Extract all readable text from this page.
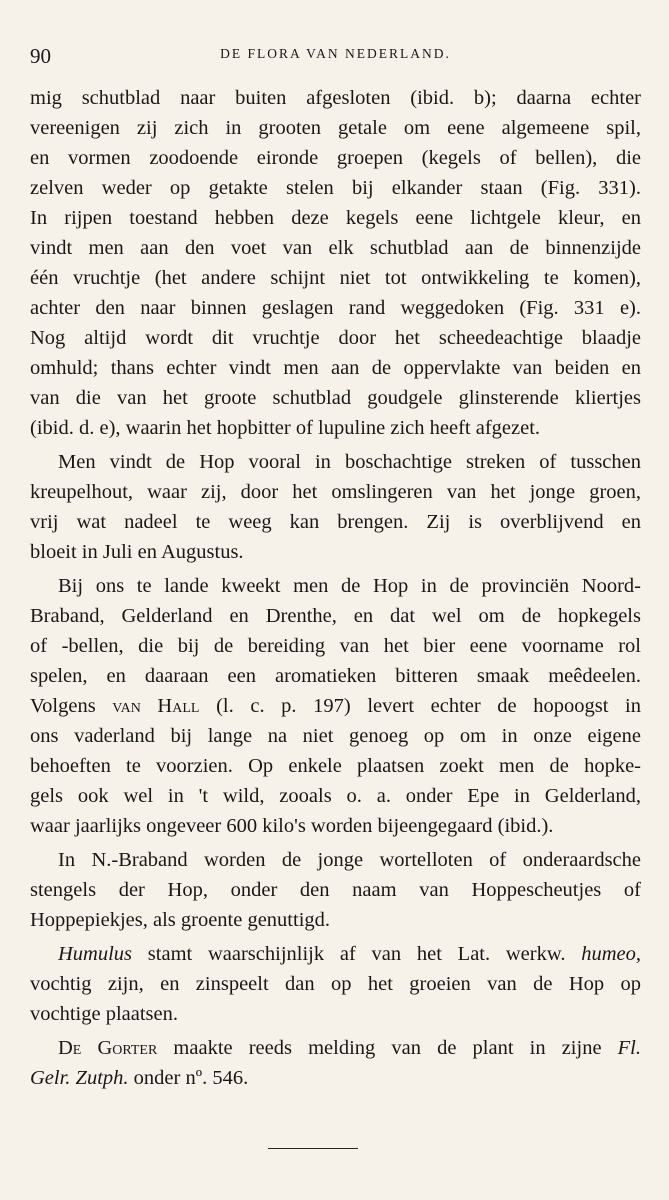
90	DE FLORA VAN NEDERLAND.
mig schutblad naar buiten afgesloten (ibid. b); daarna echter
vereenigen zij zich in grooten getale om eene algemeene spil,
en vormen zoodoende eironde groepen (kegels of bellen), die
zelven weder op getakte stelen bij elkander staan (Fig. 331).
In rijpen toestand hebben deze kegels eene lichtgele kleur, en
vindt men aan den voet van elk schutblad aan de binnenzijde
één vruchtje (het andere schijnt niet tot ontwikkeling te komen),
achter den naar binnen geslagen rand weggedoken (Fig. 331 e).
Nog altijd wordt dit vruchtje door het scheedeachtige blaadje
omhuld; thans echter vindt men aan de oppervlakte van beiden en
van die van het groote schutblad goudgele glinsterende kliertjes
(ibid. d. e), waarin het hopbitter of lupuline zich heeft afgezet.
Men vindt de Hop vooral in boschachtige streken of tusschen
kreupelhout, waar zij, door het omslingeren van het jonge groen,
vrij wat nadeel te weeg kan brengen. Zij is overblijvend en
bloeit in Juli en Augustus.
Bij ons te lande kweekt men de Hop in de provinciën Noord-
Braband, Gelderland en Drenthe, en dat wel om de hopkegels
of -bellen, die bij de bereiding van het bier eene voorname rol
spelen, en daaraan een aromatieken bitteren smaak meêdeelen.
Volgens van Hall (l. c. p. 197) levert echter de hopoogst in
ons vaderland bij lange na niet genoeg op om in onze eigene
behoeften te voorzien. Op enkele plaatsen zoekt men de hopke-
gels ook wel in 't wild, zooals o. a. onder Epe in Gelderland,
waar jaarlijks ongeveer 600 kilo's worden bijeengegaard (ibid.).
In N.-Braband worden de jonge wortelloten of onderaardsche
stengels der Hop, onder den naam van Hoppescheutjes of
Hoppepiekjes, als groente genuttigd.
Humulus stamt waarschijnlijk af van het Lat. werkw. humeo,
vochtig zijn, en zinspeelt dan op het groeien van de Hop op
vochtige plaatsen.
De Gorter maakte reeds melding van de plant in zijne Fl.
Gelr. Zutph. onder nº. 546.
